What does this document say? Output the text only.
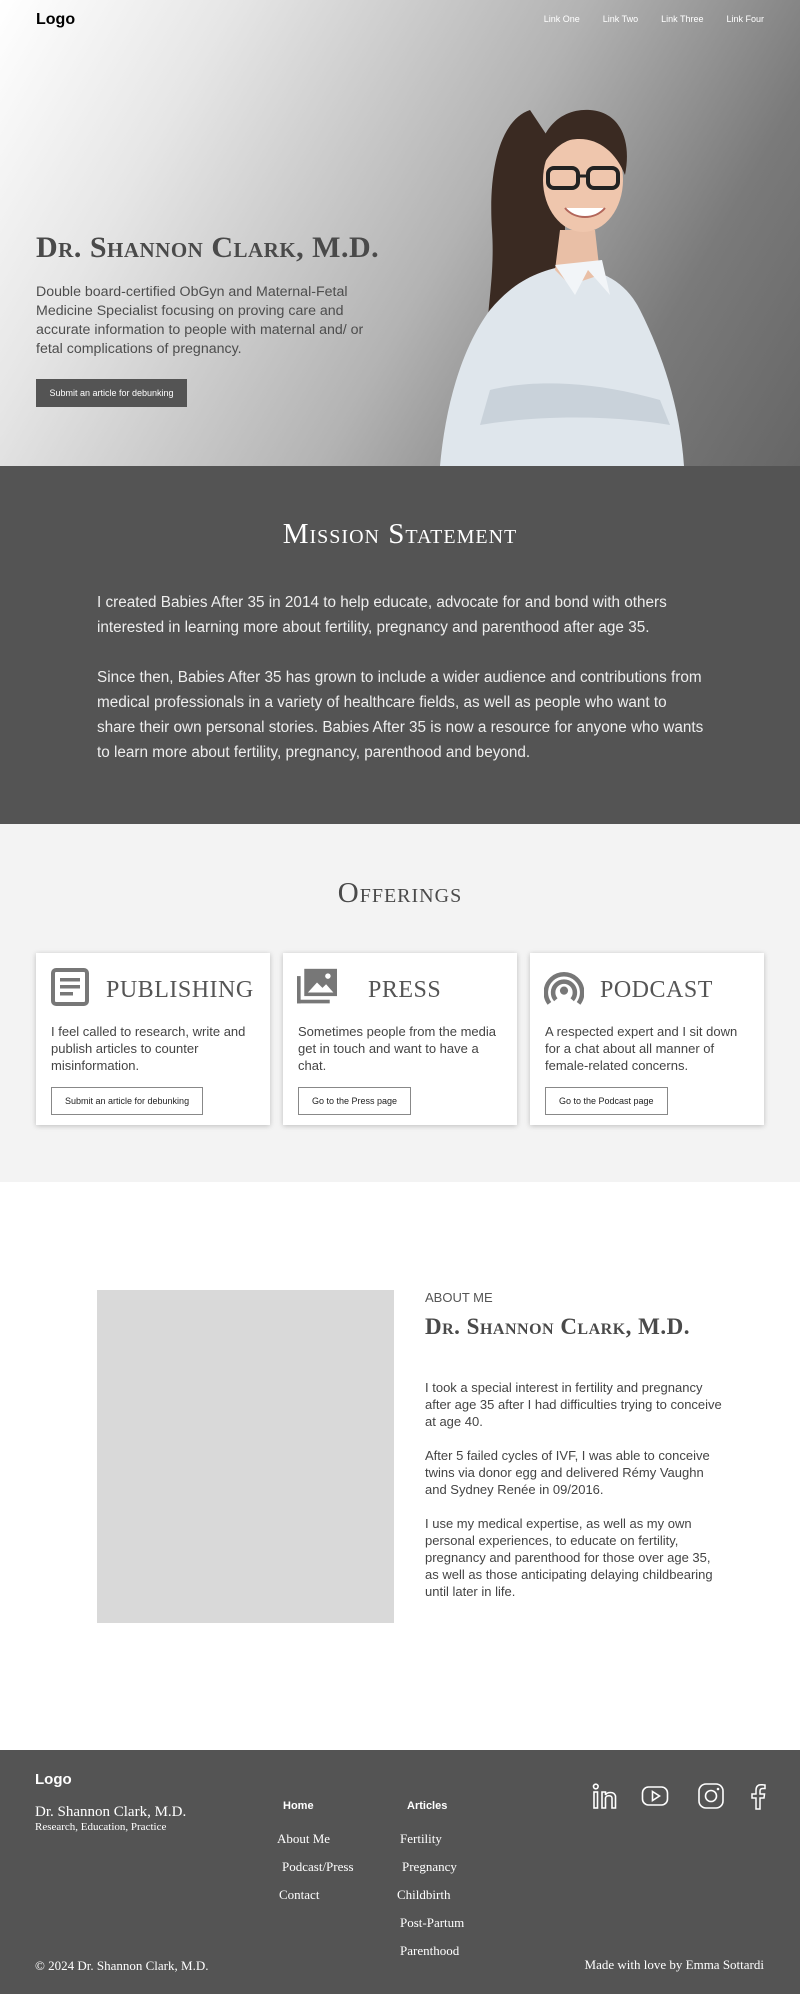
Logo	Link One	Link Two	Link Three	Link Four
Dr. Shannon Clark, M.D.

Double board-certified ObGyn and Maternal-Fetal Medicine Specialist focusing on proving care and accurate information to people with maternal and/ or fetal complications of pregnancy.

Submit an article for debunking
Mission Statement

I created Babies After 35 in 2014 to help educate, advocate for and bond with others interested in learning more about fertility, pregnancy and parenthood after age 35.

Since then, Babies After 35 has grown to include a wider audience and contributions from medical professionals in a variety of healthcare fields, as well as people who want to share their own personal stories. Babies After 35 is now a resource for anyone who wants to learn more about fertility, pregnancy, parenthood and beyond.

Offerings
PUBLISHING

I feel called to research, write and publish articles to counter misinformation.

Submit an article for debunking
PRESS

Sometimes people from the media get in touch and want to have a chat.

Go to the Press page
PODCAST

A respected expert and I sit down for a chat about all manner of female-related concerns.

Go to the Podcast page
ABOUT ME
Dr. Shannon Clark, M.D.

I took a special interest in fertility and pregnancy after age 35 after I had difficulties trying to conceive at age 40.

After 5 failed cycles of IVF, I was able to conceive twins via donor egg and delivered Rémy Vaughn and Sydney Renée in 09/2016.

I use my medical expertise, as well as my own personal experiences, to educate on fertility, pregnancy and parenthood for those over age 35, as well as those anticipating delaying childbearing until later in life.

Logo
Dr. Shannon Clark, M.D.
Research, Education, Practice
Home
About Me
Podcast/Press
Contact
Articles
Fertility
Pregnancy
Childbirth
Post-Partum
Parenthood
© 2024 Dr. Shannon Clark, M.D.	Made with love by Emma Sottardi
